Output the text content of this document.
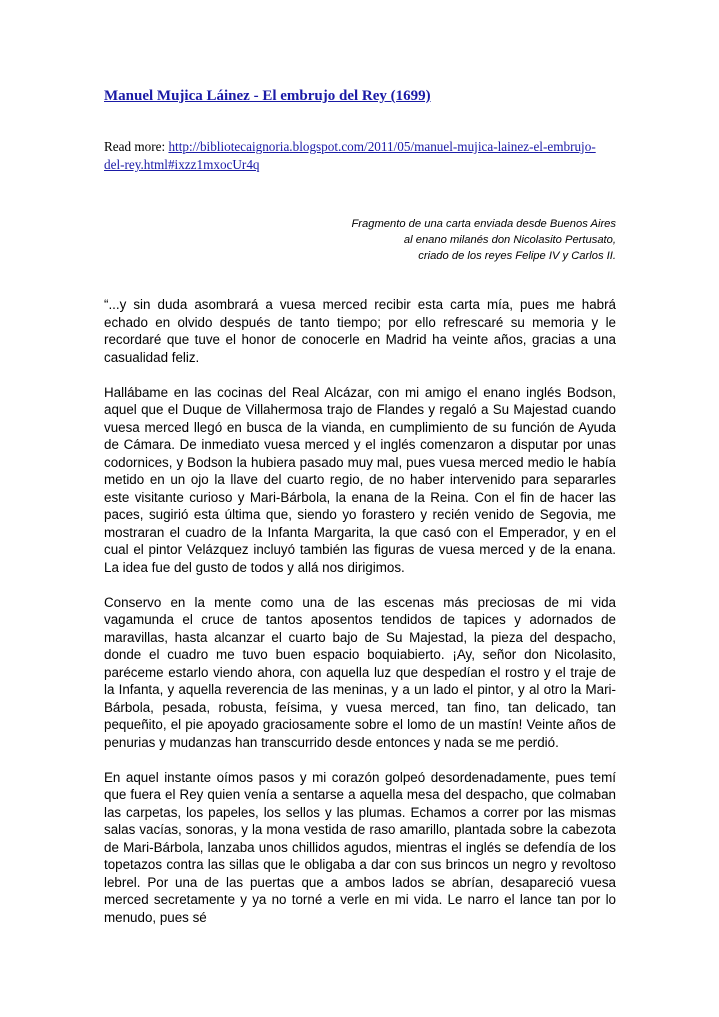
Manuel Mujica Láinez - El embrujo del Rey (1699)
Read more: http://bibliotecaignoria.blogspot.com/2011/05/manuel-mujica-lainez-el-embrujo-del-rey.html#ixzz1mxocUr4q
Fragmento de una carta enviada desde Buenos Aires
al enano milanés don Nicolasito Pertusato,
criado de los reyes Felipe IV y Carlos II.

“...y sin duda asombrará a vuesa merced recibir esta carta mía, pues me habrá echado en olvido después de tanto tiempo; por ello refrescaré su memoria y le recordaré que tuve el honor de conocerle en Madrid ha veinte años, gracias a una casualidad feliz.

Hallábame en las cocinas del Real Alcázar, con mi amigo el enano inglés Bodson, aquel que el Duque de Villahermosa trajo de Flandes y regaló a Su Majestad cuando vuesa merced llegó en busca de la vianda, en cumplimiento de su función de Ayuda de Cámara. De inmediato vuesa merced y el inglés comenzaron a disputar por unas codornices, y Bodson la hubiera pasado muy mal, pues vuesa merced medio le había metido en un ojo la llave del cuarto regio, de no haber intervenido para separarles este visitante curioso y Mari-Bárbola, la enana de la Reina. Con el fin de hacer las paces, sugirió esta última que, siendo yo forastero y recién venido de Segovia, me mostraran el cuadro de la Infanta Margarita, la que casó con el Emperador, y en el cual el pintor Velázquez incluyó también las figuras de vuesa merced y de la enana. La idea fue del gusto de todos y allá nos dirigimos.

Conservo en la mente como una de las escenas más preciosas de mi vida vagamunda el cruce de tantos aposentos tendidos de tapices y adornados de maravillas, hasta alcanzar el cuarto bajo de Su Majestad, la pieza del despacho, donde el cuadro me tuvo buen espacio boquiabierto. ¡Ay, señor don Nicolasito, paréceme estarlo viendo ahora, con aquella luz que despedían el rostro y el traje de la Infanta, y aquella reverencia de las meninas, y a un lado el pintor, y al otro la Mari-Bárbola, pesada, robusta, feísima, y vuesa merced, tan fino, tan delicado, tan pequeñito, el pie apoyado graciosamente sobre el lomo de un mastín! Veinte años de penurias y mudanzas han transcurrido desde entonces y nada se me perdió.

En aquel instante oímos pasos y mi corazón golpeó desordenadamente, pues temí que fuera el Rey quien venía a sentarse a aquella mesa del despacho, que colmaban las carpetas, los papeles, los sellos y las plumas. Echamos a correr por las mismas salas vacías, sonoras, y la mona vestida de raso amarillo, plantada sobre la cabezota de Mari-Bárbola, lanzaba unos chillidos agudos, mientras el inglés se defendía de los topetazos contra las sillas que le obligaba a dar con sus brincos un negro y revoltoso lebrel. Por una de las puertas que a ambos lados se abrían, desapareció vuesa merced secretamente y ya no torné a verle en mi vida. Le narro el lance tan por lo menudo, pues sé
